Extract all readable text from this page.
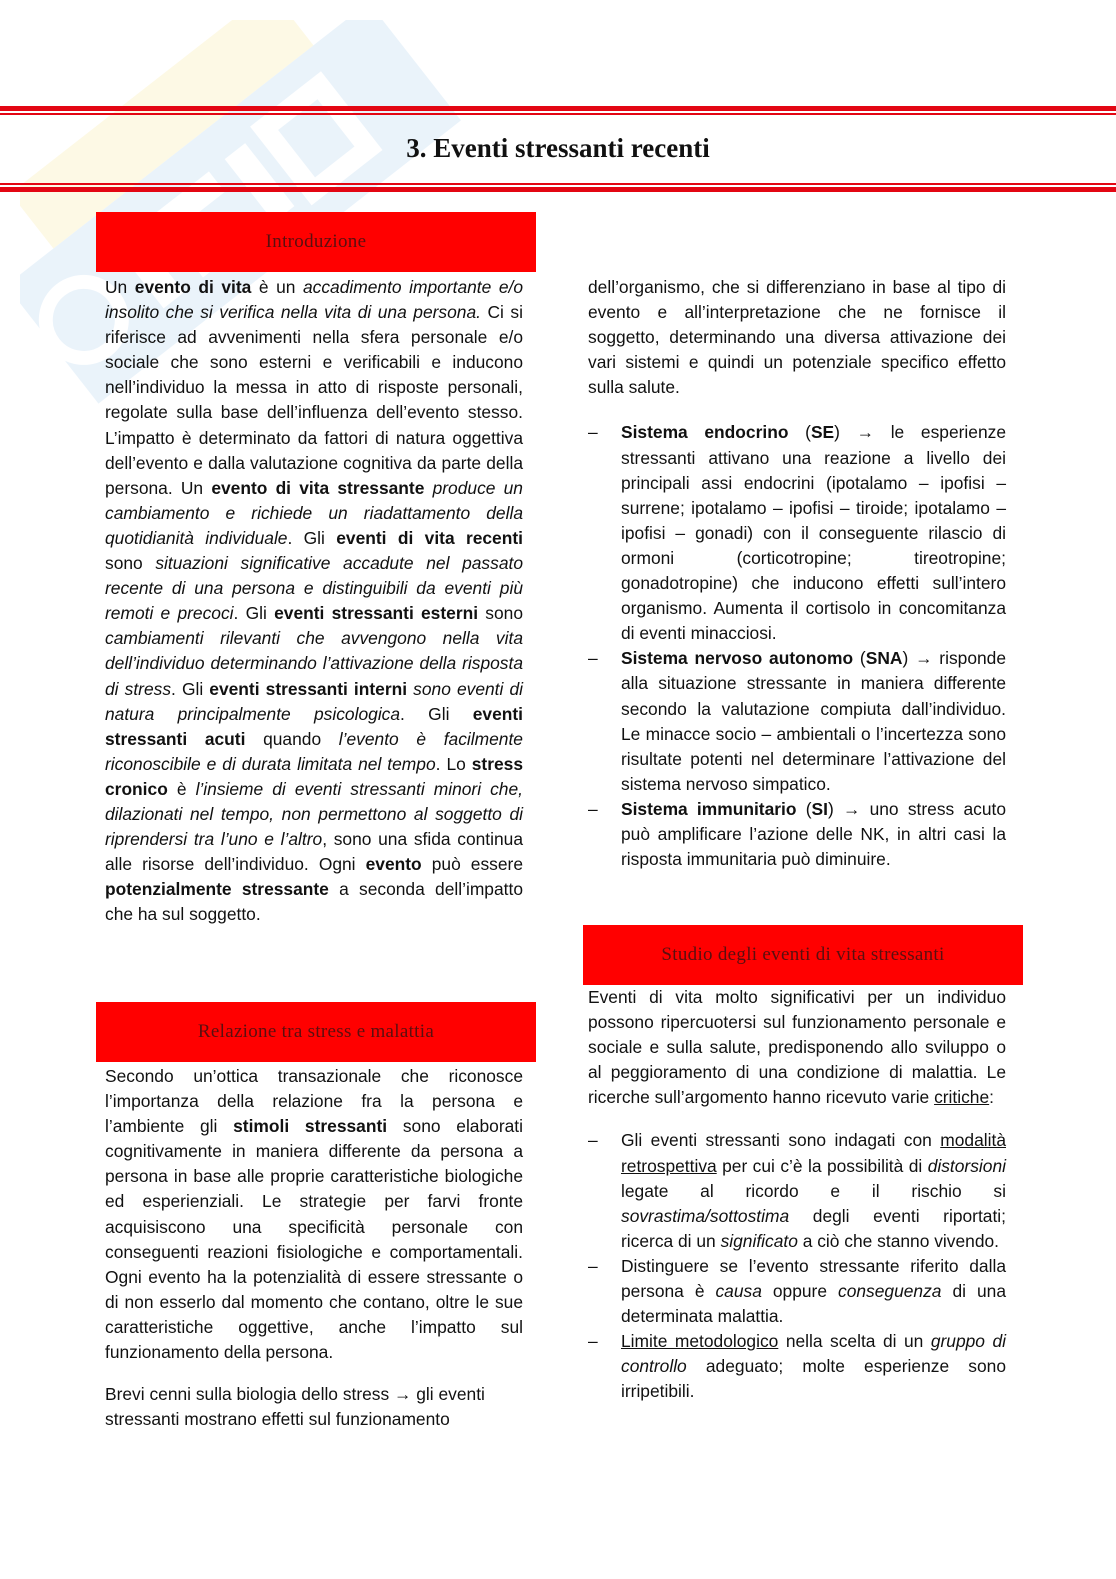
3. Eventi stressanti recenti
Introduzione

Un evento di vita è un accadimento importante e/o insolito che si verifica nella vita di una persona. Ci si riferisce ad avvenimenti nella sfera personale e/o sociale che sono esterni e verificabili e inducono nell’individuo la messa in atto di risposte personali, regolate sulla base dell’influenza dell’evento stesso. L’impatto è determinato da fattori di natura oggettiva dell’evento e dalla valutazione cognitiva da parte della persona. Un evento di vita stressante produce un cambiamento e richiede un riadattamento della quotidianità individuale. Gli eventi di vita recenti sono situazioni significative accadute nel passato recente di una persona e distinguibili da eventi più remoti e precoci. Gli eventi stressanti esterni sono cambiamenti rilevanti che avvengono nella vita dell’individuo determinando l’attivazione della risposta di stress. Gli eventi stressanti interni sono eventi di natura principalmente psicologica. Gli eventi stressanti acuti quando l’evento è facilmente riconoscibile e di durata limitata nel tempo. Lo stress cronico è l’insieme di eventi stressanti minori che, dilazionati nel tempo, non permettono al soggetto di riprendersi tra l’uno e l’altro, sono una sfida continua alle risorse dell’individuo. Ogni evento può essere potenzialmente stressante a seconda dell’impatto che ha sul soggetto.

Relazione tra stress e malattia

Secondo un’ottica transazionale che riconosce l’importanza della relazione fra la persona e l’ambiente gli stimoli stressanti sono elaborati cognitivamente in maniera differente da persona a persona in base alle proprie caratteristiche biologiche ed esperienziali. Le strategie per farvi fronte acquisiscono una specificità personale con conseguenti reazioni fisiologiche e comportamentali. Ogni evento ha la potenzialità di essere stressante o di non esserlo dal momento che contano, oltre le sue caratteristiche oggettive, anche l’impatto sul funzionamento della persona.

Brevi cenni sulla biologia dello stress → gli eventi stressanti mostrano effetti sul funzionamento

dell’organismo, che si differenziano in base al tipo di evento e all’interpretazione che ne fornisce il soggetto, determinando una diversa attivazione dei vari sistemi e quindi un potenziale specifico effetto sulla salute.

– Sistema endocrino (SE) → le esperienze stressanti attivano una reazione a livello dei principali assi endocrini (ipotalamo – ipofisi – surrene; ipotalamo – ipofisi – tiroide; ipotalamo – ipofisi – gonadi) con il conseguente rilascio di ormoni (corticotropine; tireotropine; gonadotropine) che inducono effetti sull’intero organismo. Aumenta il cortisolo in concomitanza di eventi minacciosi.
– Sistema nervoso autonomo (SNA) → risponde alla situazione stressante in maniera differente secondo la valutazione compiuta dall’individuo. Le minacce socio – ambientali o l’incertezza sono risultate potenti nel determinare l’attivazione del sistema nervoso simpatico.
– Sistema immunitario (SI) → uno stress acuto può amplificare l’azione delle NK, in altri casi la risposta immunitaria può diminuire.
Studio degli eventi di vita stressanti

Eventi di vita molto significativi per un individuo possono ripercuotersi sul funzionamento personale e sociale e sulla salute, predisponendo allo sviluppo o al peggioramento di una condizione di malattia. Le ricerche sull’argomento hanno ricevuto varie critiche:

– Gli eventi stressanti sono indagati con modalità retrospettiva per cui c’è la possibilità di distorsioni legate al ricordo e il rischio si sovrastima/sottostima degli eventi riportati; ricerca di un significato a ciò che stanno vivendo.
– Distinguere se l’evento stressante riferito dalla persona è causa oppure conseguenza di una determinata malattia.
– Limite metodologico nella scelta di un gruppo di controllo adeguato; molte esperienze sono irripetibili.
